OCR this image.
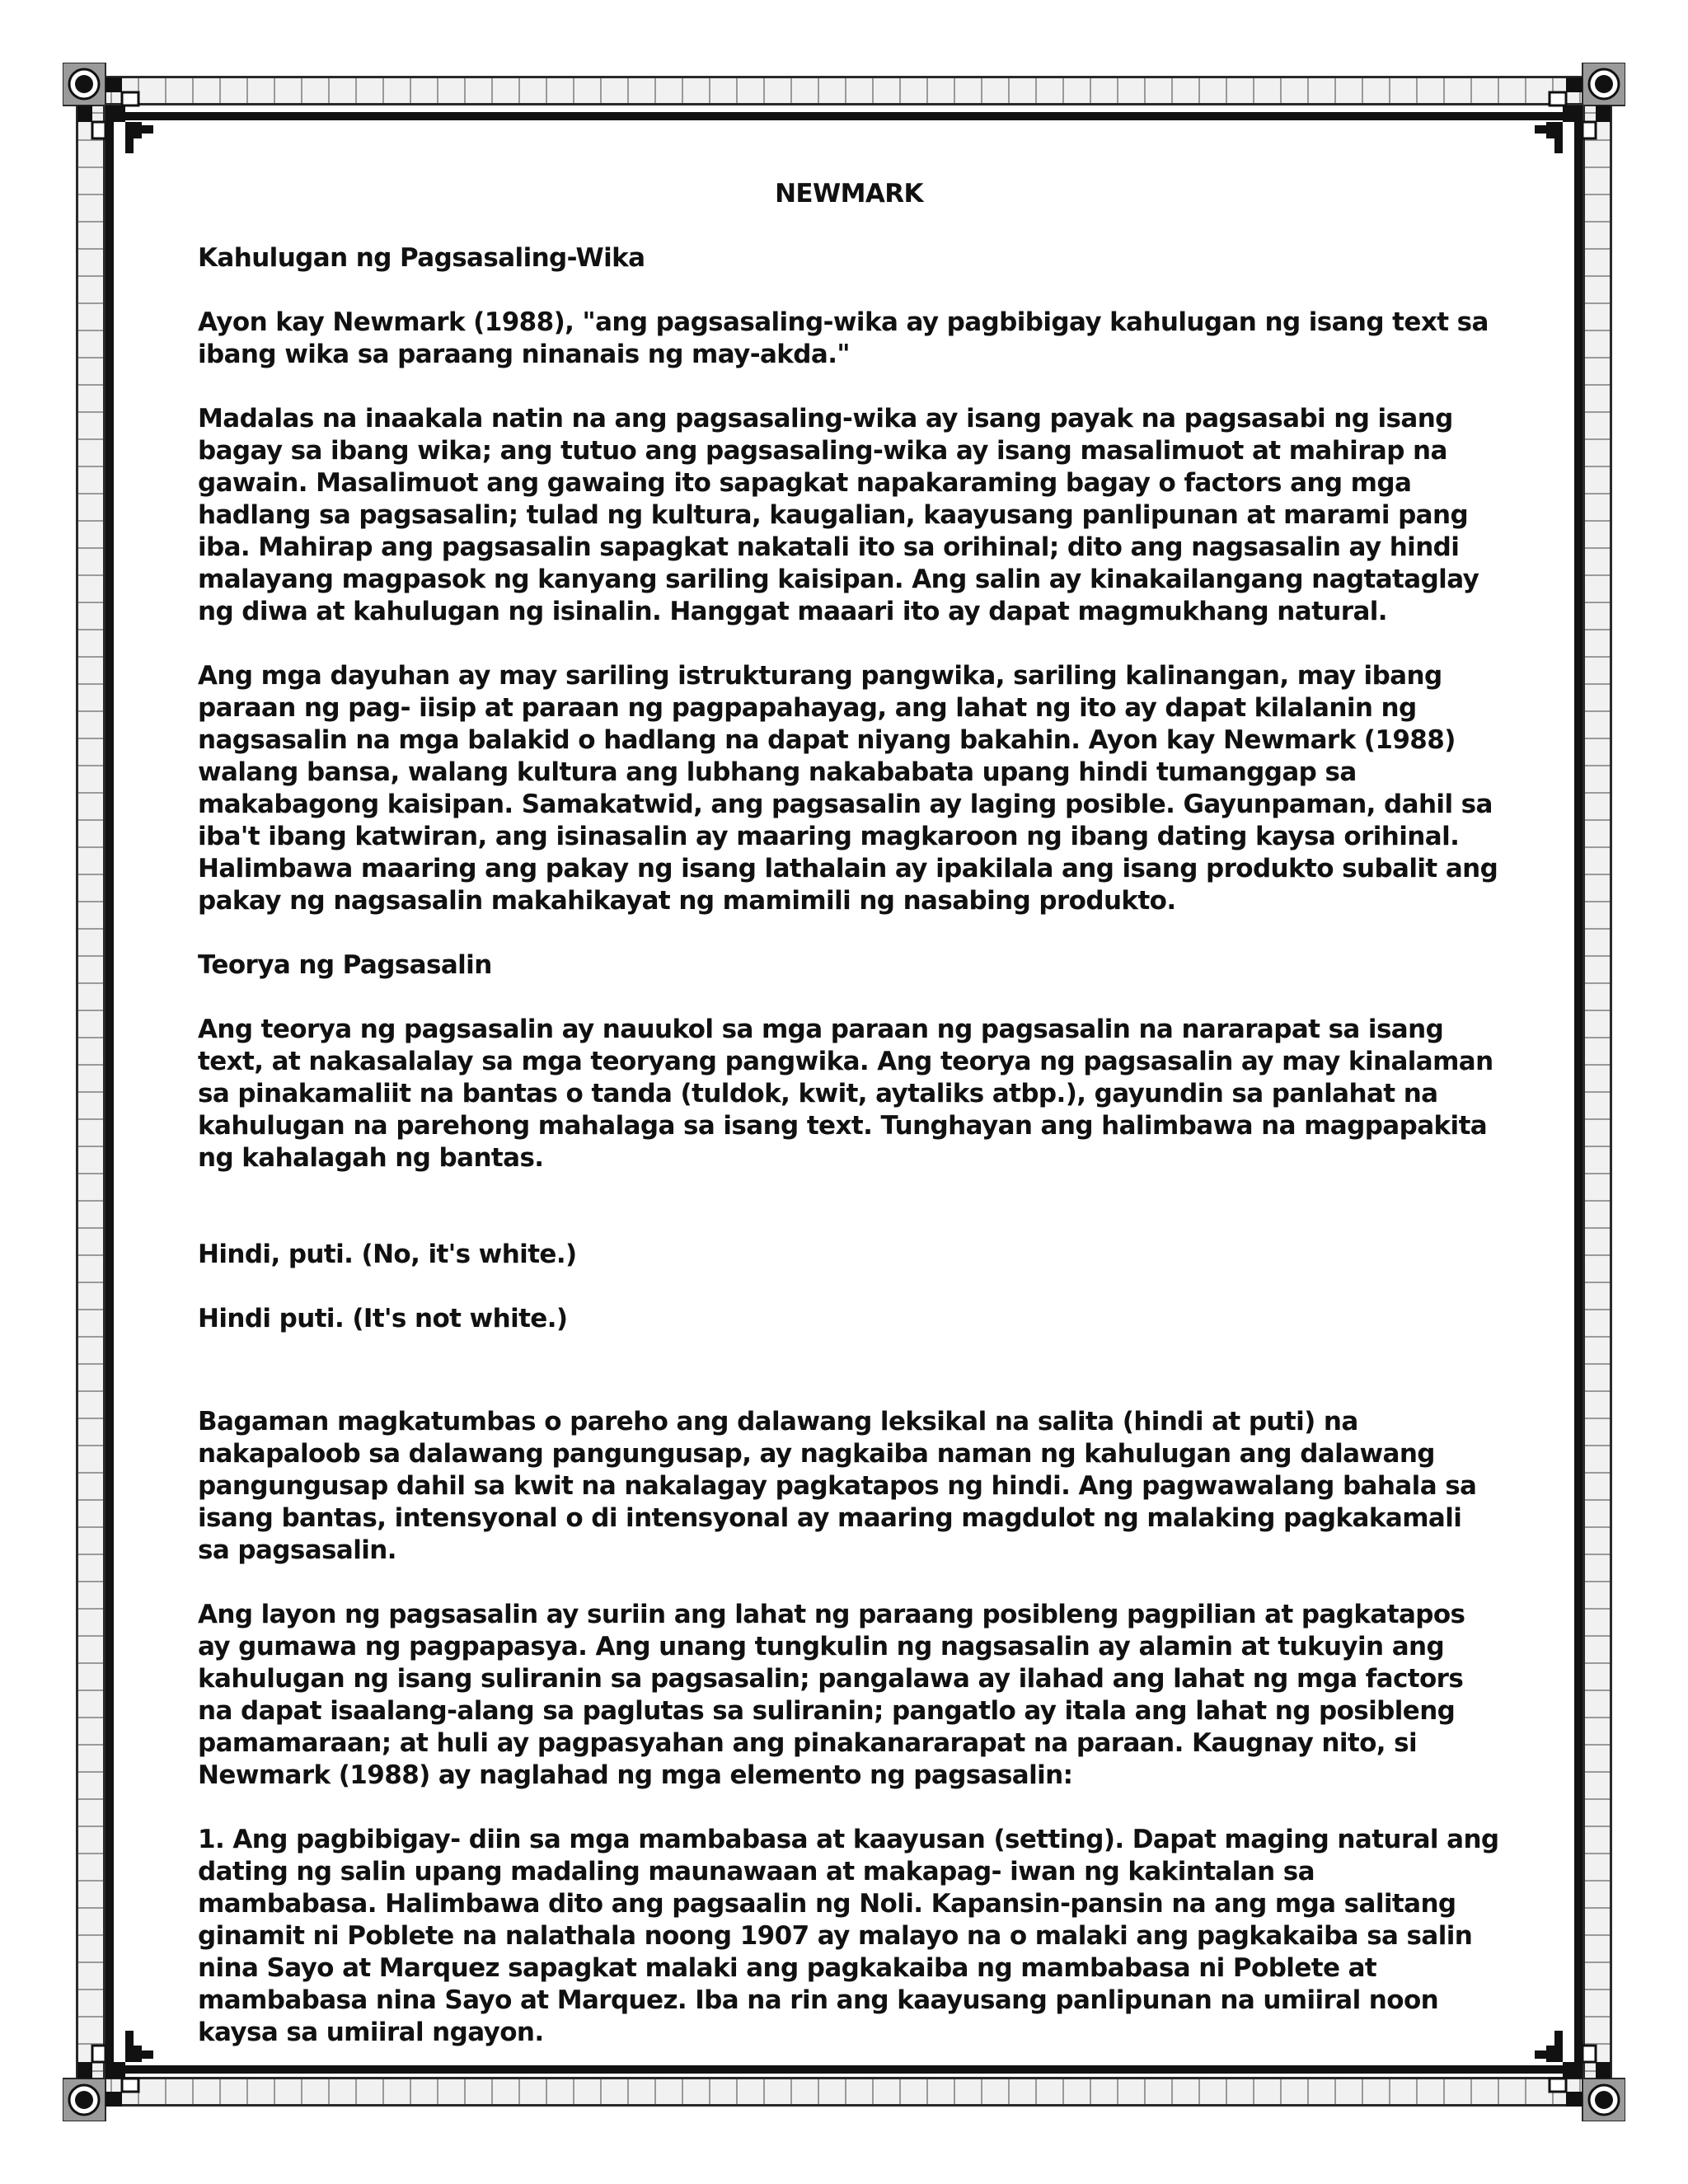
NEWMARK

Kahulugan ng Pagsasaling-Wika

Ayon kay Newmark (1988), "ang pagsasaling-wika ay pagbibigay kahulugan ng isang text sa ibang wika sa paraang ninanais ng may-akda."

Madalas na inaakala natin na ang pagsasaling-wika ay isang payak na pagsasabi ng isang bagay sa ibang wika; ang tutuo ang pagsasaling-wika ay isang masalimuot at mahirap na gawain. Masalimuot ang gawaing ito sapagkat napakaraming bagay o factors ang mga hadlang sa pagsasalin; tulad ng kultura, kaugalian, kaayusang panlipunan at marami pang iba. Mahirap ang pagsasalin sapagkat nakatali ito sa orihinal; dito ang nagsasalin ay hindi malayang magpasok ng kanyang sariling kaisipan. Ang salin ay kinakailangang nagtataglay ng diwa at kahulugan ng isinalin. Hanggat maaari ito ay dapat magmukhang natural.

Ang mga dayuhan ay may sariling istrukturang pangwika, sariling kalinangan, may ibang paraan ng pag- iisip at paraan ng pagpapahayag, ang lahat ng ito ay dapat kilalanin ng nagsasalin na mga balakid o hadlang na dapat niyang bakahin. Ayon kay Newmark (1988) walang bansa, walang kultura ang lubhang nakababata upang hindi tumanggap sa makabagong kaisipan. Samakatwid, ang pagsasalin ay laging posible. Gayunpaman, dahil sa iba't ibang katwiran, ang isinasalin ay maaring magkaroon ng ibang dating kaysa orihinal. Halimbawa maaring ang pakay ng isang lathalain ay ipakilala ang isang produkto subalit ang pakay ng nagsasalin makahikayat ng mamimili ng nasabing produkto.

Teorya ng Pagsasalin

Ang teorya ng pagsasalin ay nauukol sa mga paraan ng pagsasalin na nararapat sa isang text, at nakasalalay sa mga teoryang pangwika. Ang teorya ng pagsasalin ay may kinalaman sa pinakamaliit na bantas o tanda (tuldok, kwit, aytaliks atbp.), gayundin sa panlahat na kahulugan na parehong mahalaga sa isang text. Tunghayan ang halimbawa na magpapakita ng kahalagah ng bantas.

Hindi, puti. (No, it's white.)

Hindi puti. (It's not white.)

Bagaman magkatumbas o pareho ang dalawang leksikal na salita (hindi at puti) na nakapaloob sa dalawang pangungusap, ay nagkaiba naman ng kahulugan ang dalawang pangungusap dahil sa kwit na nakalagay pagkatapos ng hindi. Ang pagwawalang bahala sa isang bantas, intensyonal o di intensyonal ay maaring magdulot ng malaking pagkakamali sa pagsasalin.

Ang layon ng pagsasalin ay suriin ang lahat ng paraang posibleng pagpilian at pagkatapos ay gumawa ng pagpapasya. Ang unang tungkulin ng nagsasalin ay alamin at tukuyin ang kahulugan ng isang suliranin sa pagsasalin; pangalawa ay ilahad ang lahat ng mga factors na dapat isaalang-alang sa paglutas sa suliranin; pangatlo ay itala ang lahat ng posibleng pamamaraan; at huli ay pagpasyahan ang pinakanararapat na paraan. Kaugnay nito, si Newmark (1988) ay naglahad ng mga elemento ng pagsasalin:

1. Ang pagbibigay- diin sa mga mambabasa at kaayusan (setting). Dapat maging natural ang dating ng salin upang madaling maunawaan at makapag- iwan ng kakintalan sa mambabasa. Halimbawa dito ang pagsaalin ng Noli. Kapansin-pansin na ang mga salitang ginamit ni Poblete na nalathala noong 1907 ay malayo na o malaki ang pagkakaiba sa salin nina Sayo at Marquez sapagkat malaki ang pagkakaiba ng mambabasa ni Poblete at mambabasa nina Sayo at Marquez. Iba na rin ang kaayusang panlipunan na umiiral noon kaysa sa umiiral ngayon.
